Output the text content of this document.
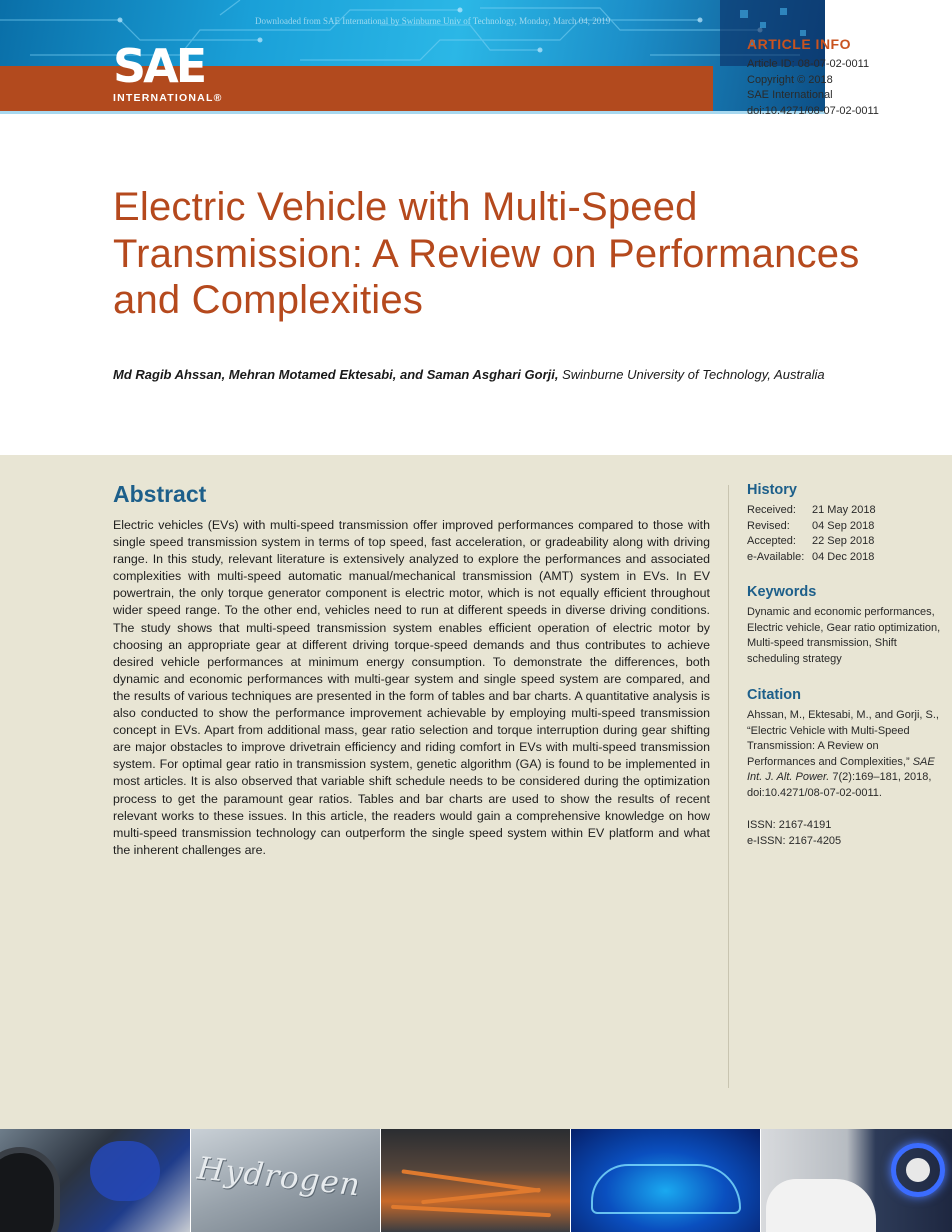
Downloaded from SAE International by Swinburne Univ of Technology, Monday, March 04, 2019
SAE
INTERNATIONAL®
ARTICLE INFO
Article ID: 08-07-02-0011
Copyright © 2018
SAE International
doi:10.4271/08-07-02-0011
Electric Vehicle with Multi-Speed Transmission: A Review on Performances and Complexities
Md Ragib Ahssan, Mehran Motamed Ektesabi, and Saman Asghari Gorji, Swinburne University of Technology, Australia
Abstract

Electric vehicles (EVs) with multi-speed transmission offer improved performances compared to those with single speed transmission system in terms of top speed, fast acceleration, or gradeability along with driving range. In this study, relevant literature is extensively analyzed to explore the performances and associated complexities with multi-speed automatic manual/mechanical transmission (AMT) system in EVs. In EV powertrain, the only torque generator component is electric motor, which is not equally efficient throughout wider speed range. To the other end, vehicles need to run at different speeds in diverse driving conditions. The study shows that multi-speed transmission system enables efficient operation of electric motor by choosing an appropriate gear at different driving torque-speed demands and thus contributes to achieve desired vehicle performances at minimum energy consumption. To demonstrate the differences, both dynamic and economic performances with multi-gear system and single speed system are compared, and the results of various techniques are presented in the form of tables and bar charts. A quantitative analysis is also conducted to show the performance improvement achievable by employing multi-speed transmission concept in EVs. Apart from additional mass, gear ratio selection and torque interruption during gear shifting are major obstacles to improve drivetrain efficiency and riding comfort in EVs with multi-speed transmission system. For optimal gear ratio in transmission system, genetic algorithm (GA) is found to be implemented in most articles. It is also observed that variable shift schedule needs to be considered during the optimization process to get the paramount gear ratios. Tables and bar charts are used to show the results of recent relevant works to these issues. In this article, the readers would gain a comprehensive knowledge on how multi-speed transmission technology can outperform the single speed system within EV platform and what the inherent challenges are.

History
Received:	21 May 2018
Revised:	04 Sep 2018
Accepted:	22 Sep 2018
e-Available: 04 Dec 2018
Keywords

Dynamic and economic performances, Electric vehicle, Gear ratio optimization, Multi-speed transmission, Shift scheduling strategy

Citation

Ahssan, M., Ektesabi, M., and Gorji, S., “Electric Vehicle with Multi-Speed Transmission: A Review on Performances and Complexities,” SAE Int. J. Alt. Power. 7(2):169–181, 2018, doi:10.4271/08-07-02-0011.

ISSN: 2167-4191
e-ISSN: 2167-4205
Hydrogen
